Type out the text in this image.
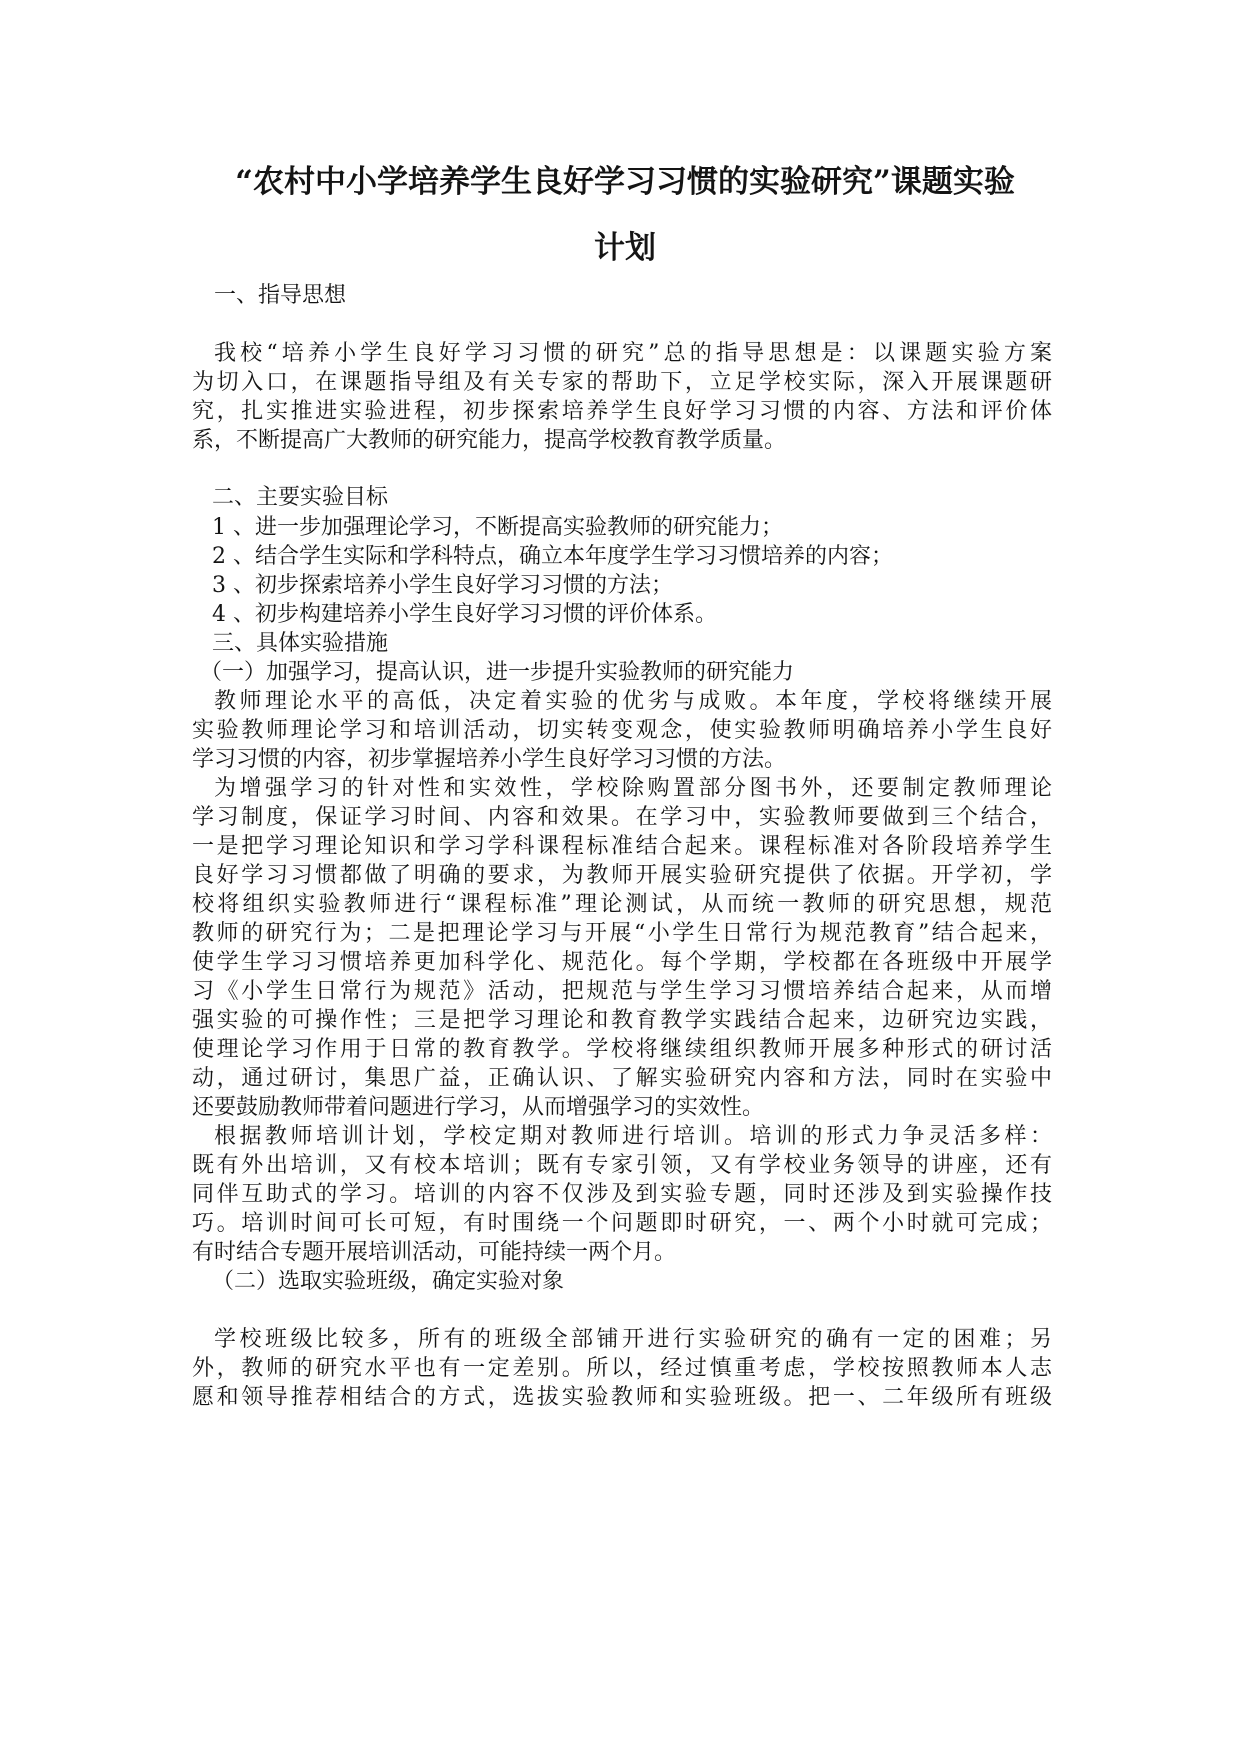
“农村中小学培养学生良好学习习惯的实验研究”课题实验
计划

一、指导思想

我校“培养小学生良好学习习惯的研究”总的指导思想是：以课题实验方案

为切入口，在课题指导组及有关专家的帮助下，立足学校实际，深入开展课题研

究，扎实推进实验进程，初步探索培养学生良好学习习惯的内容、方法和评价体

系，不断提高广大教师的研究能力，提高学校教育教学质量。

二、主要实验目标

1 、进一步加强理论学习，不断提高实验教师的研究能力；

2 、结合学生实际和学科特点，确立本年度学生学习习惯培养的内容；

3 、初步探索培养小学生良好学习习惯的方法；

4 、初步构建培养小学生良好学习习惯的评价体系。

三、具体实验措施

（一）加强学习，提高认识，进一步提升实验教师的研究能力

教师理论水平的高低，决定着实验的优劣与成败。本年度，学校将继续开展

实验教师理论学习和培训活动，切实转变观念，使实验教师明确培养小学生良好

学习习惯的内容，初步掌握培养小学生良好学习习惯的方法。

为增强学习的针对性和实效性，学校除购置部分图书外，还要制定教师理论

学习制度，保证学习时间、内容和效果。在学习中，实验教师要做到三个结合，

一是把学习理论知识和学习学科课程标准结合起来。课程标准对各阶段培养学生

良好学习习惯都做了明确的要求，为教师开展实验研究提供了依据。开学初，学

校将组织实验教师进行“课程标准”理论测试，从而统一教师的研究思想，规范

教师的研究行为；二是把理论学习与开展“小学生日常行为规范教育”结合起来，

使学生学习习惯培养更加科学化、规范化。每个学期，学校都在各班级中开展学

习《小学生日常行为规范》活动，把规范与学生学习习惯培养结合起来，从而增

强实验的可操作性；三是把学习理论和教育教学实践结合起来，边研究边实践，

使理论学习作用于日常的教育教学。学校将继续组织教师开展多种形式的研讨活

动，通过研讨，集思广益，正确认识、了解实验研究内容和方法，同时在实验中

还要鼓励教师带着问题进行学习，从而增强学习的实效性。

根据教师培训计划，学校定期对教师进行培训。培训的形式力争灵活多样：

既有外出培训，又有校本培训；既有专家引领，又有学校业务领导的讲座，还有

同伴互助式的学习。培训的内容不仅涉及到实验专题，同时还涉及到实验操作技

巧。培训时间可长可短，有时围绕一个问题即时研究，一、两个小时就可完成；

有时结合专题开展培训活动，可能持续一两个月。

（二）选取实验班级，确定实验对象

学校班级比较多，所有的班级全部铺开进行实验研究的确有一定的困难；另

外，教师的研究水平也有一定差别。所以，经过慎重考虑，学校按照教师本人志

愿和领导推荐相结合的方式，选拔实验教师和实验班级。把一、二年级所有班级
